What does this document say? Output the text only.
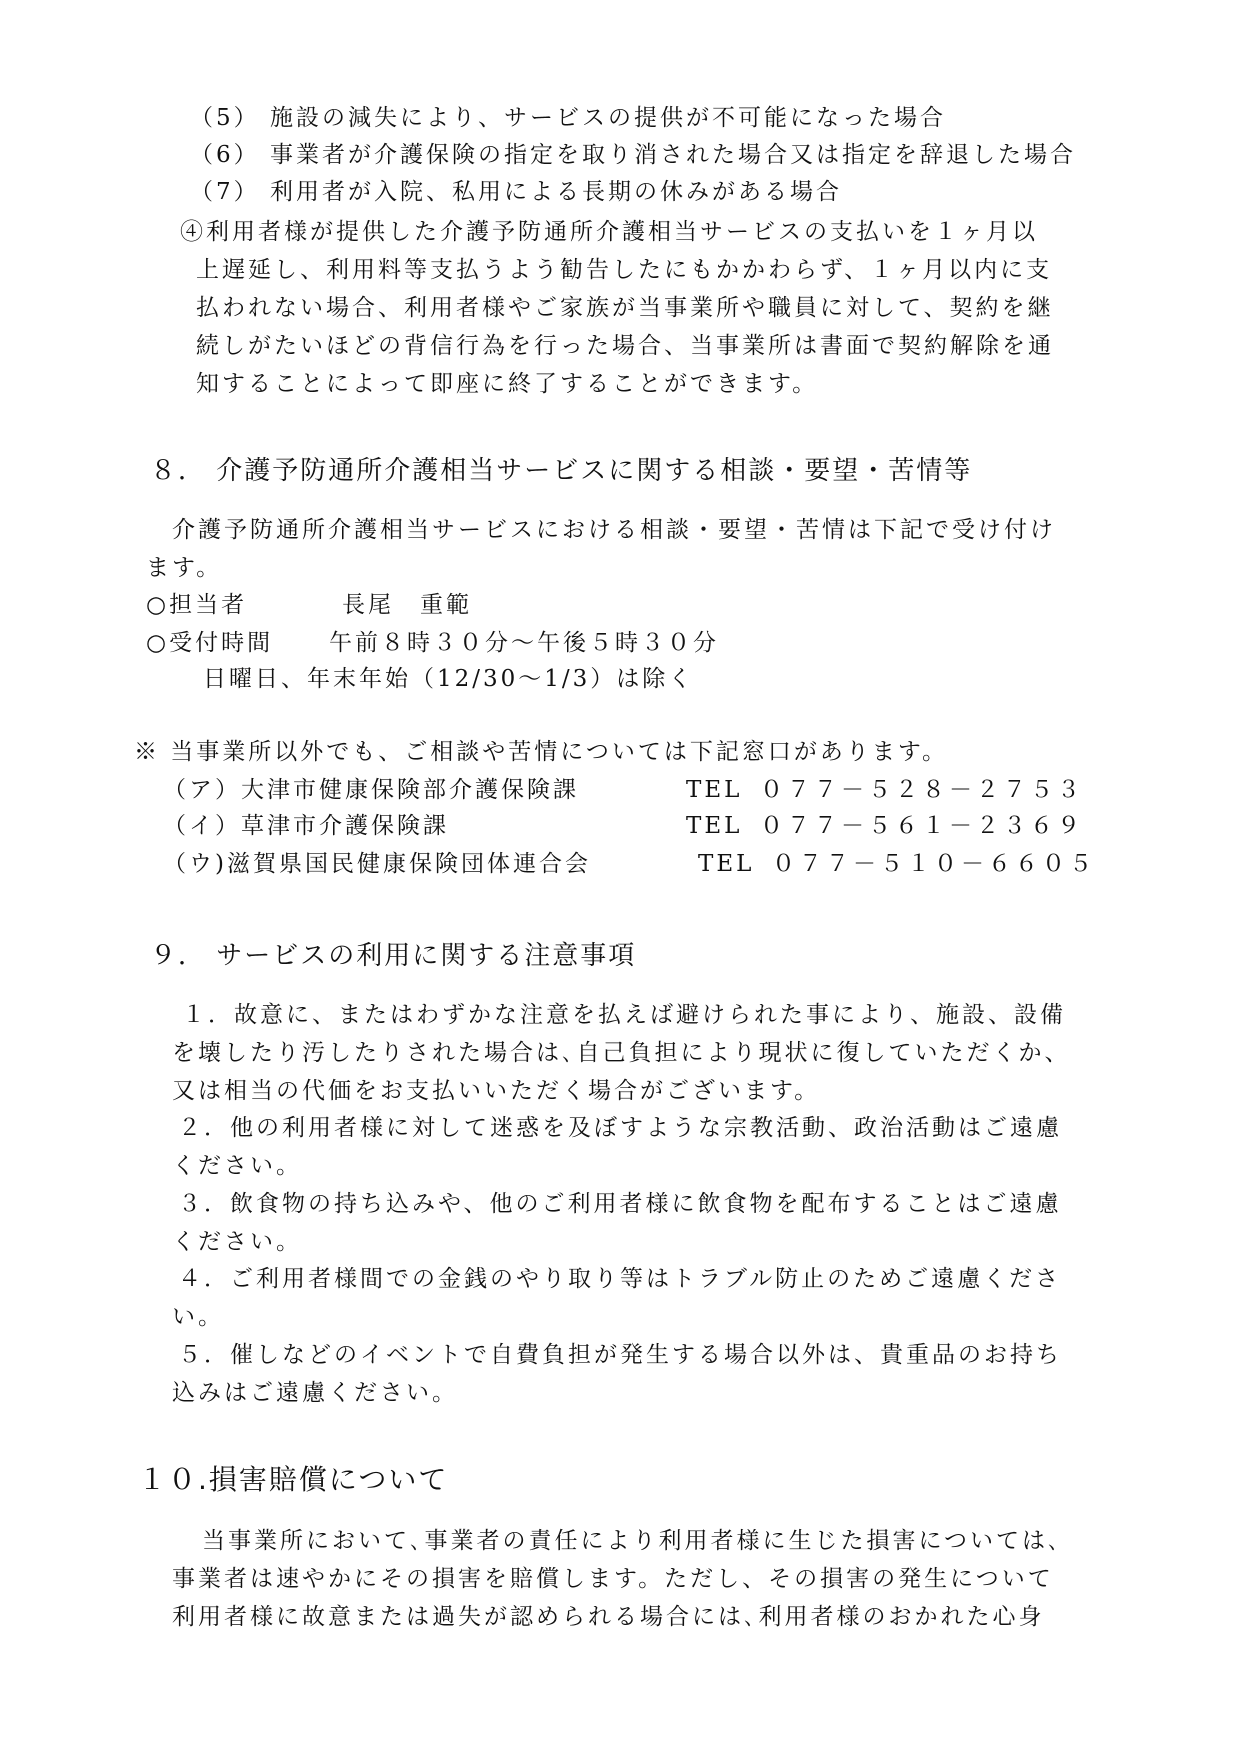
（5） 施設の減失により、サービスの提供が不可能になった場合
（6） 事業者が介護保険の指定を取り消された場合又は指定を辞退した場合
（7） 利用者が入院、私用による長期の休みがある場合
④利用者様が提供した介護予防通所介護相当サービスの支払いを１ヶ月以
上遅延し、利用料等支払うよう勧告したにもかかわらず、１ヶ月以内に支
払われない場合、利用者様やご家族が当事業所や職員に対して、契約を継
続しがたいほどの背信行為を行った場合、当事業所は書面で契約解除を通
知することによって即座に終了することができます。
８． 介護予防通所介護相当サービスに関する相談・要望・苦情等
介護予防通所介護相当サービスにおける相談・要望・苦情は下記で受け付け
ます。
○担当者	長尾　重範
○受付時間 午前８時３０分～午後５時３０分
日曜日、年末年始（12/30～1/3）は除く
※ 当事業所以外でも、ご相談や苦情については下記窓口があります。
（ア）大津市健康保険部介護保険課	TEL ０７７－５２８－２７５３
（イ）草津市介護保険課	TEL ０７７－５６１－２３６９
（ウ)滋賀県国民健康保険団体連合会	TEL ０７７－５１０－６６０５
９． サービスの利用に関する注意事項
１．故意に、またはわずかな注意を払えば避けられた事により、施設、設備
を壊したり汚したりされた場合は､自己負担により現状に復していただくか、
又は相当の代価をお支払いいただく場合がございます。
２．他の利用者様に対して迷惑を及ぼすような宗教活動、政治活動はご遠慮
ください。
３．飲食物の持ち込みや、他のご利用者様に飲食物を配布することはご遠慮
ください。
４．ご利用者様間での金銭のやり取り等はトラブル防止のためご遠慮くださ
い。
５．催しなどのイベントで自費負担が発生する場合以外は、貴重品のお持ち
込みはご遠慮ください。
１０.損害賠償について
当事業所において､事業者の責任により利用者様に生じた損害については､
事業者は速やかにその損害を賠償します。ただし、その損害の発生について
利用者様に故意または過失が認められる場合には､利用者様のおかれた心身
